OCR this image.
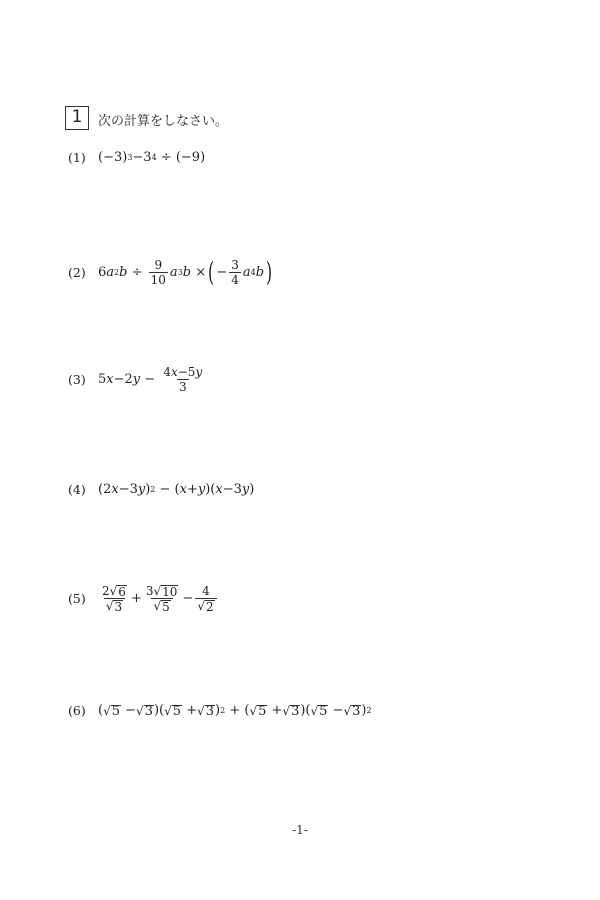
1	次の計算をしなさい。
(1) (−3) 3 −3 4 ÷ (−9)
(2) 6 a 2 $b \div \frac{9}{10}$ a 3 b × ( − $\frac{3}{4}$ a 4 b )
(3) 5 x −2 $y - \frac{4x-5y}{3}$
(4) (2 x −3 y ) 2 − ( x + y )( x −3 y )
(5)	$\frac{2 √ 6}{√ 3} + \frac{3 √ 10}{√ 5} - \frac{4}{√ 2}$
(6) ( √ 5 − √ 3 )( √ 5 + √ 3 ) 2 + ( √ 5 + √ 3 )( √ 5 − √ 3 ) 2
-1-
